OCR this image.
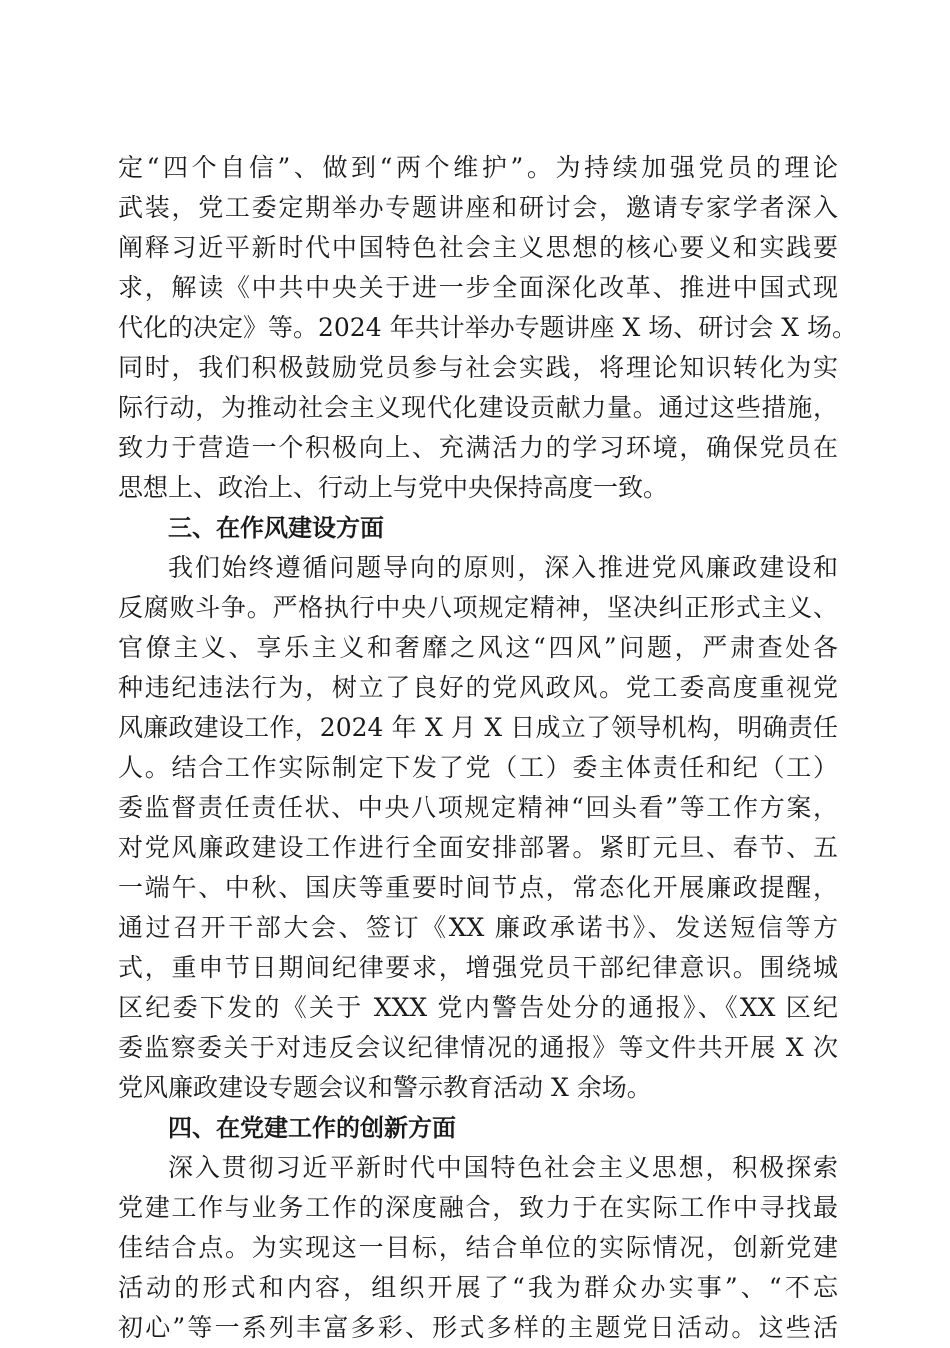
定“四个自信”、做到“两个维护”。为持续加强党员的理论
武装，党工委定期举办专题讲座和研讨会，邀请专家学者深入
阐释习近平新时代中国特色社会主义思想的核心要义和实践要
求，解读《中共中央关于进一步全面深化改革、推进中国式现
代化的决定》等。2024 年共计举办专题讲座 X 场、研讨会 X 场。
同时，我们积极鼓励党员参与社会实践，将理论知识转化为实
际行动，为推动社会主义现代化建设贡献力量。通过这些措施，
致力于营造一个积极向上、充满活力的学习环境，确保党员在
思想上、政治上、行动上与党中央保持高度一致。
三、在作风建设方面
我们始终遵循问题导向的原则，深入推进党风廉政建设和
反腐败斗争。严格执行中央八项规定精神，坚决纠正形式主义、
官僚主义、享乐主义和奢靡之风这“四风”问题，严肃查处各
种违纪违法行为，树立了良好的党风政风。党工委高度重视党
风廉政建设工作，2024 年 X 月 X 日成立了领导机构，明确责任
人。结合工作实际制定下发了党（工）委主体责任和纪（工）
委监督责任责任状、中央八项规定精神“回头看”等工作方案，
对党风廉政建设工作进行全面安排部署。紧盯元旦、春节、五
一端午、中秋、国庆等重要时间节点，常态化开展廉政提醒，
通过召开干部大会、签订《XX 廉政承诺书》、发送短信等方
式，重申节日期间纪律要求，增强党员干部纪律意识。围绕城
区纪委下发的《关于 XXX 党内警告处分的通报》、《XX 区纪
委监察委关于对违反会议纪律情况的通报》等文件共开展 X 次
党风廉政建设专题会议和警示教育活动 X 余场。
四、在党建工作的创新方面
深入贯彻习近平新时代中国特色社会主义思想，积极探索
党建工作与业务工作的深度融合，致力于在实际工作中寻找最
佳结合点。为实现这一目标，结合单位的实际情况，创新党建
活动的形式和内容，组织开展了“我为群众办实事”、“不忘
初心”等一系列丰富多彩、形式多样的主题党日活动。这些活
